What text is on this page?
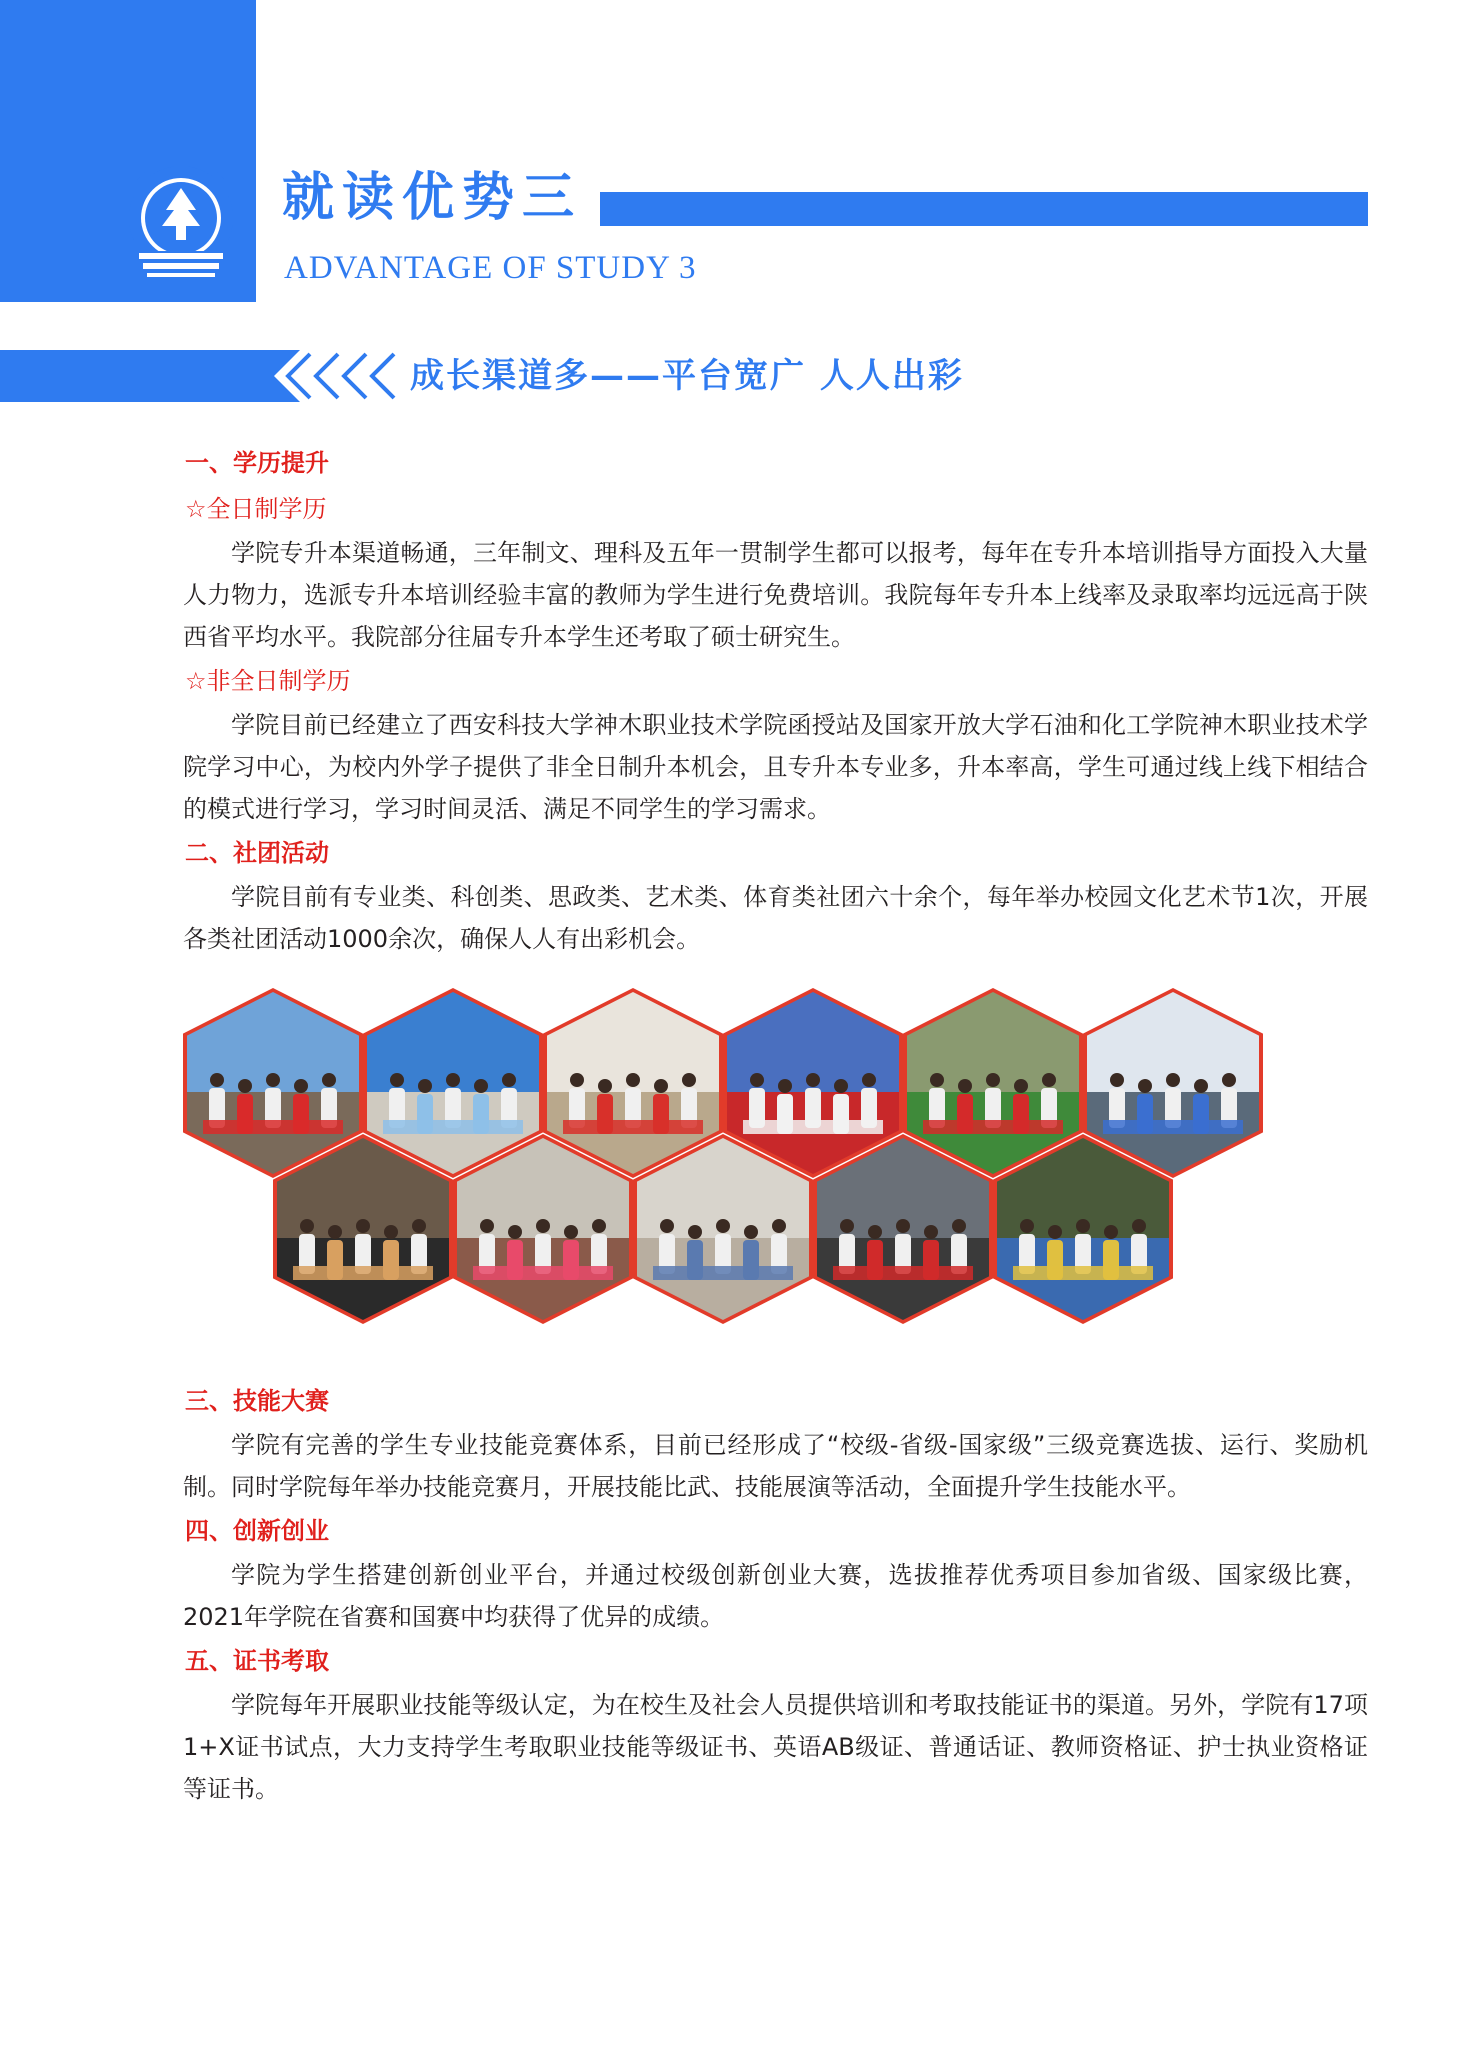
就读优势三
ADVANTAGE OF STUDY 3
成长渠道多——平台宽广 人人出彩
一、学历提升
☆全日制学历

学院专升本渠道畅通，三年制文、理科及五年一贯制学生都可以报考，每年在专升本培训指导方面投入大量人力物力，选派专升本培训经验丰富的教师为学生进行免费培训。我院每年专升本上线率及录取率均远远高于陕西省平均水平。我院部分往届专升本学生还考取了硕士研究生。

☆非全日制学历

学院目前已经建立了西安科技大学神木职业技术学院函授站及国家开放大学石油和化工学院神木职业技术学院学习中心，为校内外学子提供了非全日制升本机会，且专升本专业多，升本率高，学生可通过线上线下相结合的模式进行学习，学习时间灵活、满足不同学生的学习需求。

二、社团活动

学院目前有专业类、科创类、思政类、艺术类、体育类社团六十余个，每年举办校园文化艺术节1次，开展各类社团活动1000余次，确保人人有出彩机会。

三、技能大赛

学院有完善的学生专业技能竞赛体系，目前已经形成了“校级-省级-国家级”三级竞赛选拔、运行、奖励机制。同时学院每年举办技能竞赛月，开展技能比武、技能展演等活动，全面提升学生技能水平。

四、创新创业

学院为学生搭建创新创业平台，并通过校级创新创业大赛，选拔推荐优秀项目参加省级、国家级比赛，2021年学院在省赛和国赛中均获得了优异的成绩。

五、证书考取

学院每年开展职业技能等级认定，为在校生及社会人员提供培训和考取技能证书的渠道。另外，学院有17项1+X证书试点，大力支持学生考取职业技能等级证书、英语AB级证、普通话证、教师资格证、护士执业资格证等证书。
